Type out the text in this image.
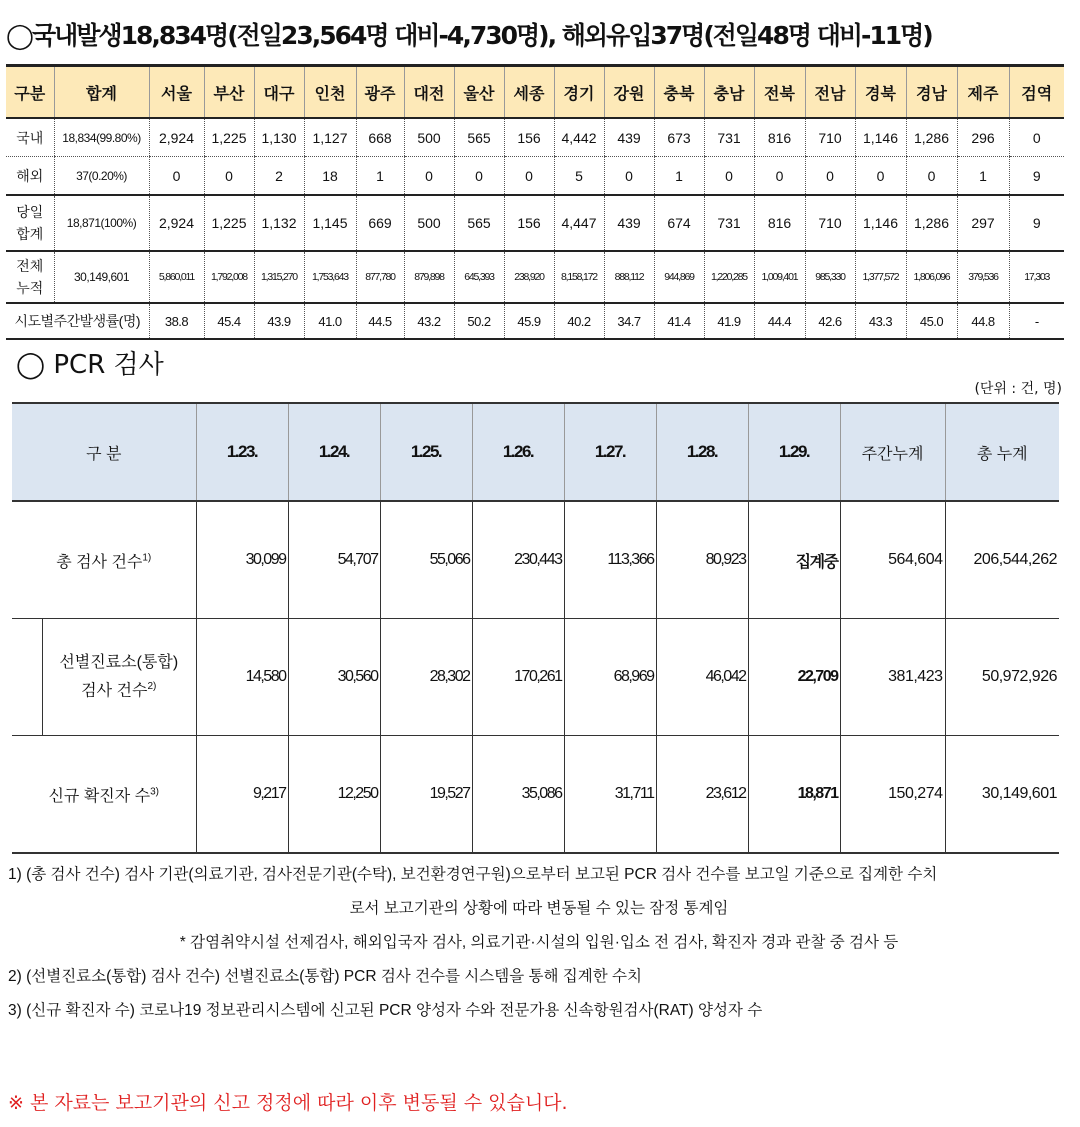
◯국내발생18,834명(전일23,564명 대비-4,730명), 해외유입37명(전일48명 대비-11명)
구분	합계	서울	부산	대구	인천	광주	대전	울산	세종	경기	강원	충북	충남	전북	전남	경북	경남	제주	검역

국내	18,834(99.80%)	2,924	1,225	1,130	1,127	668	500	565	156	4,442	439	673	731	816	710	1,146	1,286	296	0

해외	37(0.20%)	0	0	2	18	1	0	0	0	5	0	1	0	0	0	0	0	1	9

당일
합계	18,871(100%)	2,924	1,225	1,132	1,145	669	500	565	156	4,447	439	674	731	816	710	1,146	1,286	297	9

전체
누적	30,149,601	5,860,011	1,792,008	1,315,270	1,753,643	877,780	879,898	645,393	238,920	8,158,172	888,112	944,869	1,220,285	1,009,401	985,330	1,377,572	1,806,096	379,536	17,303

시도별주간발생률(명)		38.8	45.4	43.9	41.0	44.5	43.2	50.2	45.9	40.2	34.7	41.4	41.9	44.4	42.6	43.3	45.0	44.8	-
◯ PCR 검사
(단위 : 건, 명)
구 분	1.23.	1.24.	1.25.	1.26.	1.27.	1.28.	1.29.	주간누계	총 누계
총 검사 건수$^{1)}$	30,099	54,707	55,066	230,443	113,366	80,923	집계중	564,604	206,544,262

선별진료소(통합)
검사 건수$^{2)}$	14,580	30,560	28,302	170,261	68,969	46,042	22,709	381,423	50,972,926
신규 확진자 수$^{3)}$	9,217	12,250	19,527	35,086	31,711	23,612	18,871	150,274	30,149,601

1) (총 검사 건수) 검사 기관(의료기관, 검사전문기관(수탁), 보건환경연구원)으로부터 보고된 PCR 검사 건수를 보고일 기준으로 집계한 수치

로서 보고기관의 상황에 따라 변동될 수 있는 잠정 통계임

* 감염취약시설 선제검사, 해외입국자 검사, 의료기관·시설의 입원·입소 전 검사, 확진자 경과 관찰 중 검사 등

2) (선별진료소(통합) 검사 건수) 선별진료소(통합) PCR 검사 건수를 시스템을 통해 집계한 수치

3) (신규 확진자 수) 코로나19 정보관리시스템에 신고된 PCR 양성자 수와 전문가용 신속항원검사(RAT) 양성자 수

※ 본 자료는 보고기관의 신고 정정에 따라 이후 변동될 수 있습니다.
